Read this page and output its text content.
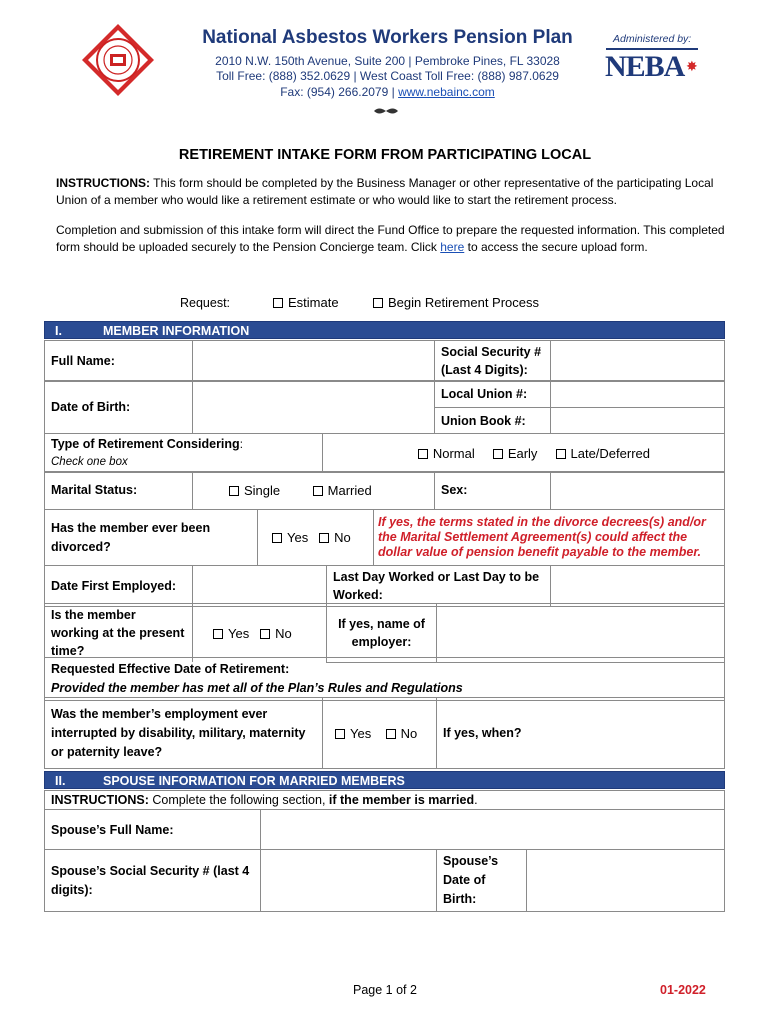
National Asbestos Workers Pension Plan
2010 N.W. 150th Avenue, Suite 200 | Pembroke Pines, FL 33028
Toll Free: (888) 352.0629 | West Coast Toll Free: (888) 987.0629
Fax: (954) 266.2079 | www.nebainc.com
Administered by:
NEBA ✸
RETIREMENT INTAKE FORM FROM PARTICIPATING LOCAL
INSTRUCTIONS: This form should be completed by the Business Manager or other representative of the participating Local Union of a member who would like a retirement estimate or who would like to start the retirement process.
Completion and submission of this intake form will direct the Fund Office to prepare the requested information. This completed form should be uploaded securely to the Pension Concierge team. Click here to access the secure upload form.
Request:	Estimate	Begin Retirement Process
I.	MEMBER INFORMATION
Full Name:		Social Security # (Last 4 Digits):	
Date of Birth:		Local Union #:	
		Union Book #:	
Type of Retirement Considering:
Check one box	Normal	Early	Late/Deferred
Marital Status:	Single	Married	Sex:	
Has the member ever been divorced?	Yes No	If yes, the terms stated in the divorce decrees(s) and/or the Marital Settlement Agreement(s) could affect the dollar value of pension benefit payable to the member.
Date First Employed:		Last Day Worked or Last Day to be Worked:	
Is the member working at the present time?	Yes No	If yes, name of employer:	
Requested Effective Date of Retirement:
Provided the member has met all of the Plan’s Rules and Regulations
Was the member’s employment ever interrupted by disability, military, maternity or paternity leave?	Yes No	If yes, when?
II.	SPOUSE INFORMATION FOR MARRIED MEMBERS
INSTRUCTIONS: Complete the following section, if the member is married.
Spouse’s Full Name:	
Spouse’s Social Security # (last 4 digits):		Spouse’s Date of Birth:	
Page 1 of 2	01-2022
